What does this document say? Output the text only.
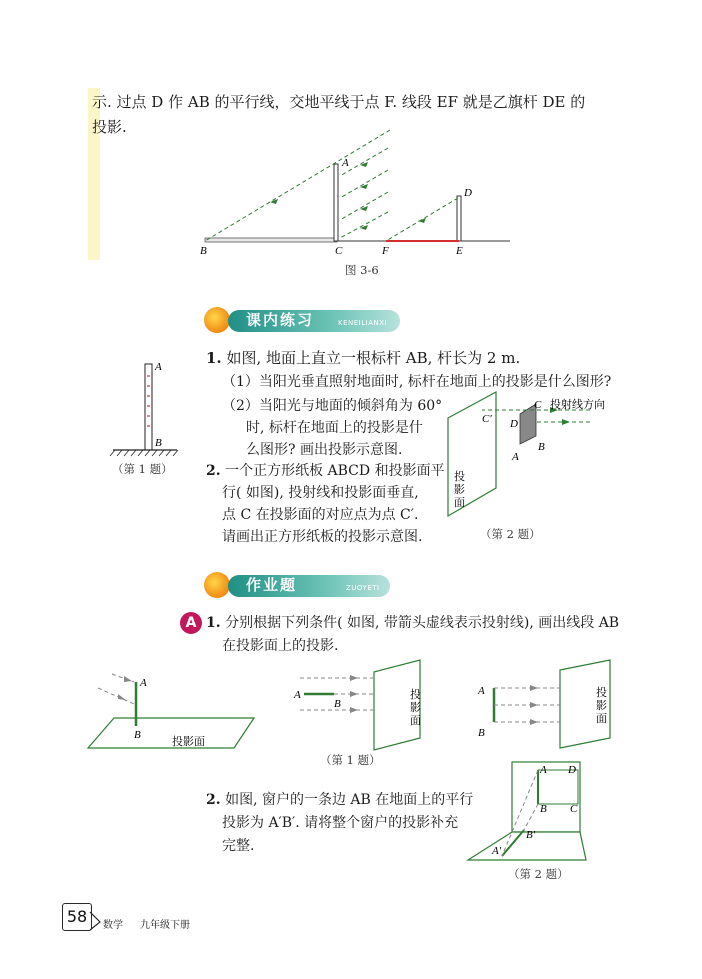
示. 过点 D 作 AB 的平行线，交地平线于点 F. 线段 EF 就是乙旗杆 DE 的
投影.
A
B	C
D
E
F
图 3-6
课内练习	KENEILIANXI
A
B
（第 1 题）
1. 如图, 地面上直立一根标杆 AB, 杆长为 2 m.
（1）当阳光垂直照射地面时, 标杆在地面上的投影是什么图形?
（2）当阳光与地面的倾斜角为 60°
时, 标杆在地面上的投影是什
么图形? 画出投影示意图.
2. 一个正方形纸板 ABCD 和投影面平
行( 如图), 投射线和投影面垂直,
点 C 在投影面的对应点为点 C′.
请画出正方形纸板的投影示意图.
C′
C
D
B
A
投射线方向
投
影
面
（第 2 题）
作业题	ZUOYETI
A 1. 分别根据下列条件( 如图, 带箭头虚线表示投射线), 画出线段 AB
在投影面上的投影.
A
B	投影面
A
B
投
影
面
A
B
投
影
面
（第 1 题）
2. 如图, 窗户的一条边 AB 在地面上的平行
投影为 A′B′. 请将整个窗户的投影补充
完整.
A D
B C
B′
A′
（第 2 题）
58	数学 九年级下册
